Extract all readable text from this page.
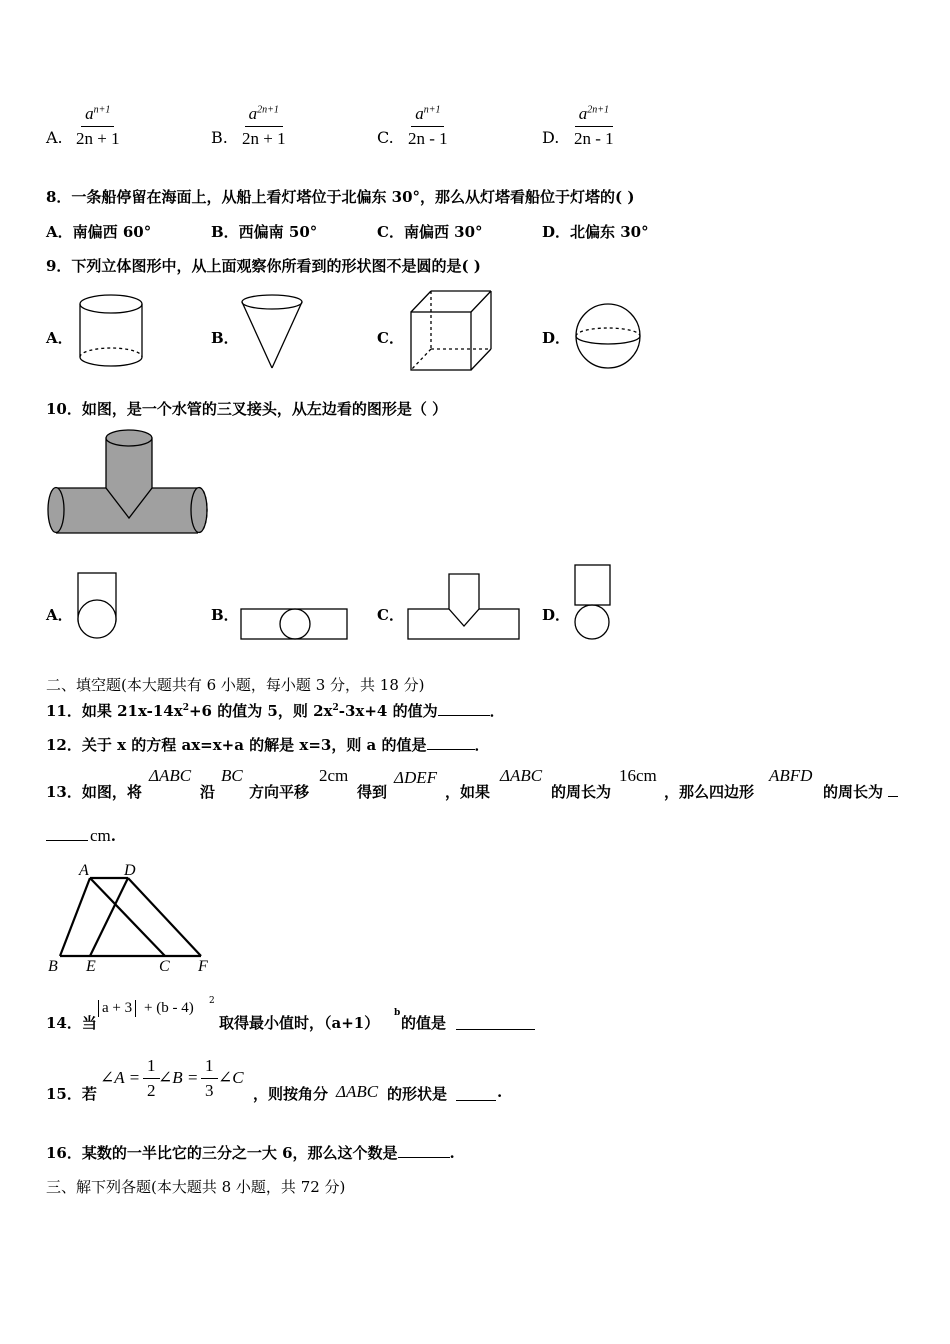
A. $\frac{a^{n+1}}{2n + 1}$	B. $\frac{a^{2n+1}}{2n + 1}$	C. $\frac{a^{n+1}}{2n - 1}$	D. $\frac{a^{2n+1}}{2n - 1}$
8．一条船停留在海面上，从船上看灯塔位于北偏东 30°，那么从灯塔看船位于灯塔的( )
A．南偏西 60°	B．西偏南 50°	C．南偏西 30°	D．北偏东 30°
9．下列立体图形中，从上面观察你所看到的形状图不是圆的是( )
A．	B．	C．	D．
10．如图，是一个水管的三叉接头，从左边看的图形是（ ）
A．	B．	C．	D．
二、填空题(本大题共有 6 小题，每小题 3 分，共 18 分)
11．如果 $21x-14x^2+6$ 的值为 5，则 $2x^2-3x+4$ 的值为	．
12．关于 x 的方程 ax=x+a 的解是 x=3，则 a 的值是	．
13．如图，将
ΔABC
沿
BC
方向平移
2cm
得到
ΔDEF
，如果
ΔABC
的周长为
16cm
，那么四边形
ABFD
的周长为
cm.
A D
B E	C F
14．当
a + 3 + (b - 4) 2
取得最小值时，（a+1）
b
的值是
15．若
∠A = $\frac{1}{2}$
∠B = $\frac{1}{3}$ ∠C
，则按角分 ΔABC 的形状是	.
16．某数的一半比它的三分之一大 6，那么这个数是	.
三、解下列各题(本大题共 8 小题，共 72 分)
